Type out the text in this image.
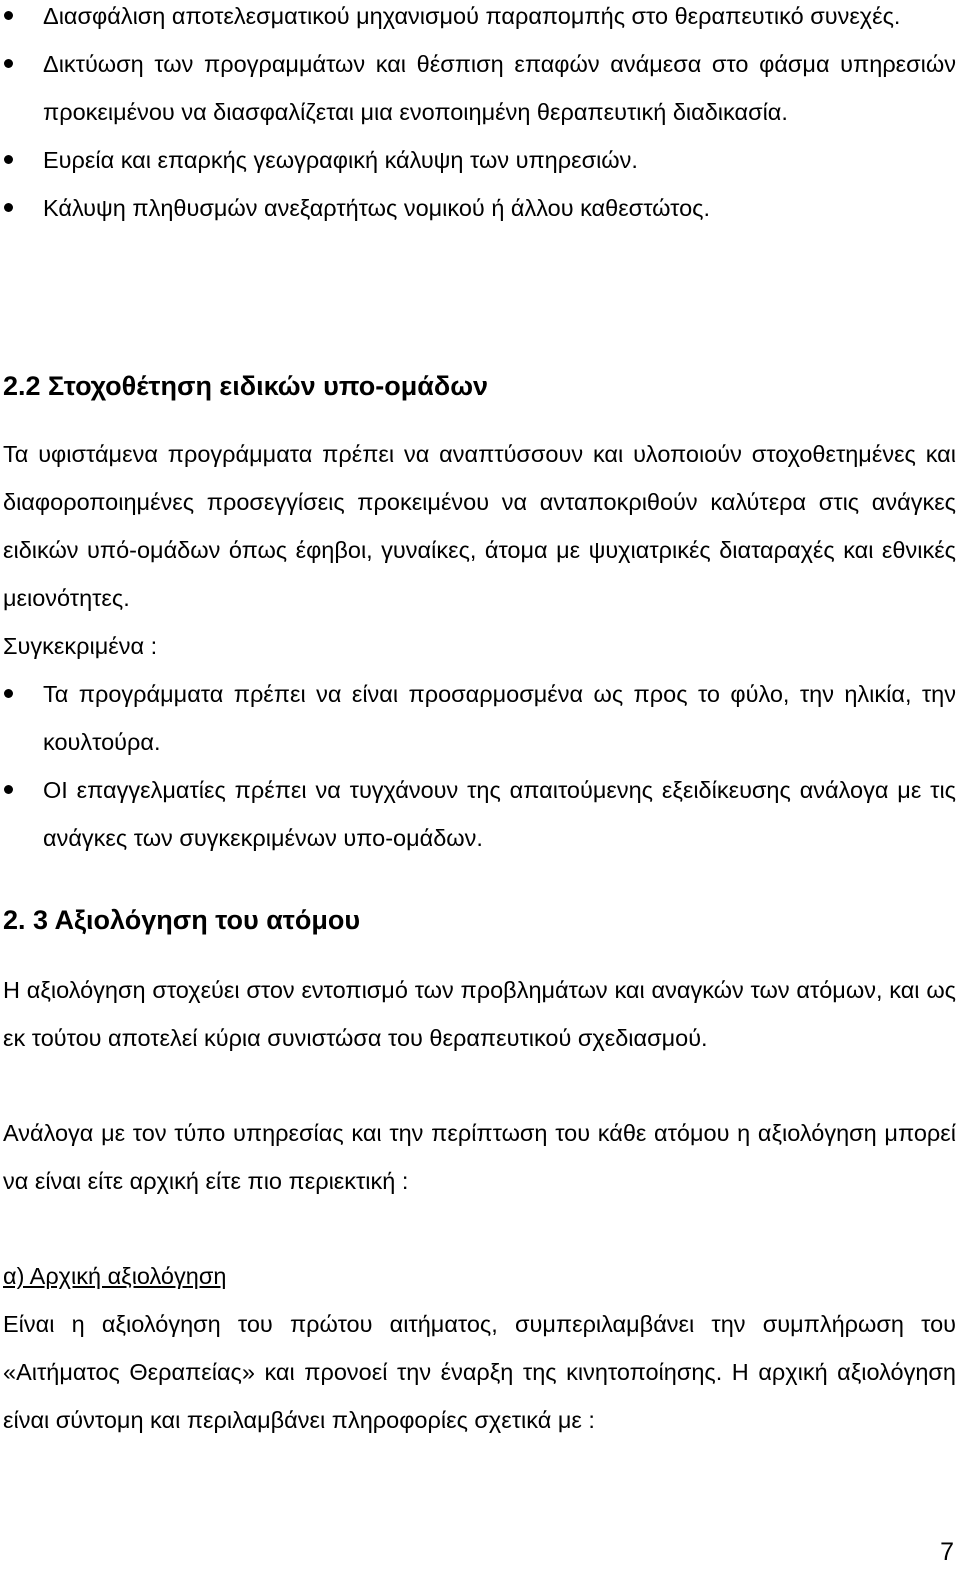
Διασφάλιση αποτελεσματικού μηχανισμού παραπομπής στο θεραπευτικό συνεχές.
Δικτύωση των προγραμμάτων και θέσπιση επαφών ανάμεσα στο φάσμα υπηρεσιών προκειμένου να διασφαλίζεται μια ενοποιημένη θεραπευτική διαδικασία.
Ευρεία και επαρκής γεωγραφική κάλυψη των υπηρεσιών.
Κάλυψη πληθυσμών ανεξαρτήτως νομικού ή άλλου καθεστώτος.
2.2 Στοχοθέτηση ειδικών υπο-ομάδων

Τα υφιστάμενα προγράμματα πρέπει να αναπτύσσουν και υλοποιούν στοχοθετημένες και διαφοροποιημένες προσεγγίσεις προκειμένου να ανταποκριθούν καλύτερα στις ανάγκες ειδικών υπό-ομάδων όπως έφηβοι, γυναίκες, άτομα με ψυχιατρικές διαταραχές και εθνικές μειονότητες.

Συγκεκριμένα :

Τα προγράμματα πρέπει να είναι προσαρμοσμένα ως προς το φύλο, την ηλικία, την κουλτούρα.
ΟΙ επαγγελματίες πρέπει να τυγχάνουν της απαιτούμενης εξειδίκευσης ανάλογα με τις ανάγκες των συγκεκριμένων υπο-ομάδων.
2. 3 Αξιολόγηση του ατόμου

Η αξιολόγηση στοχεύει στον εντοπισμό των προβλημάτων και αναγκών των ατόμων, και ως εκ τούτου αποτελεί κύρια συνιστώσα του θεραπευτικού σχεδιασμού.

Ανάλογα με τον τύπο υπηρεσίας και την περίπτωση του κάθε ατόμου η αξιολόγηση μπορεί να είναι είτε αρχική είτε πιο περιεκτική :

α) Αρχική αξιολόγηση

Είναι η αξιολόγηση του πρώτου αιτήματος, συμπεριλαμβάνει την συμπλήρωση του «Αιτήματος Θεραπείας» και προνοεί την έναρξη της κινητοποίησης. Η αρχική αξιολόγηση είναι σύντομη και περιλαμβάνει πληροφορίες σχετικά με :

7
